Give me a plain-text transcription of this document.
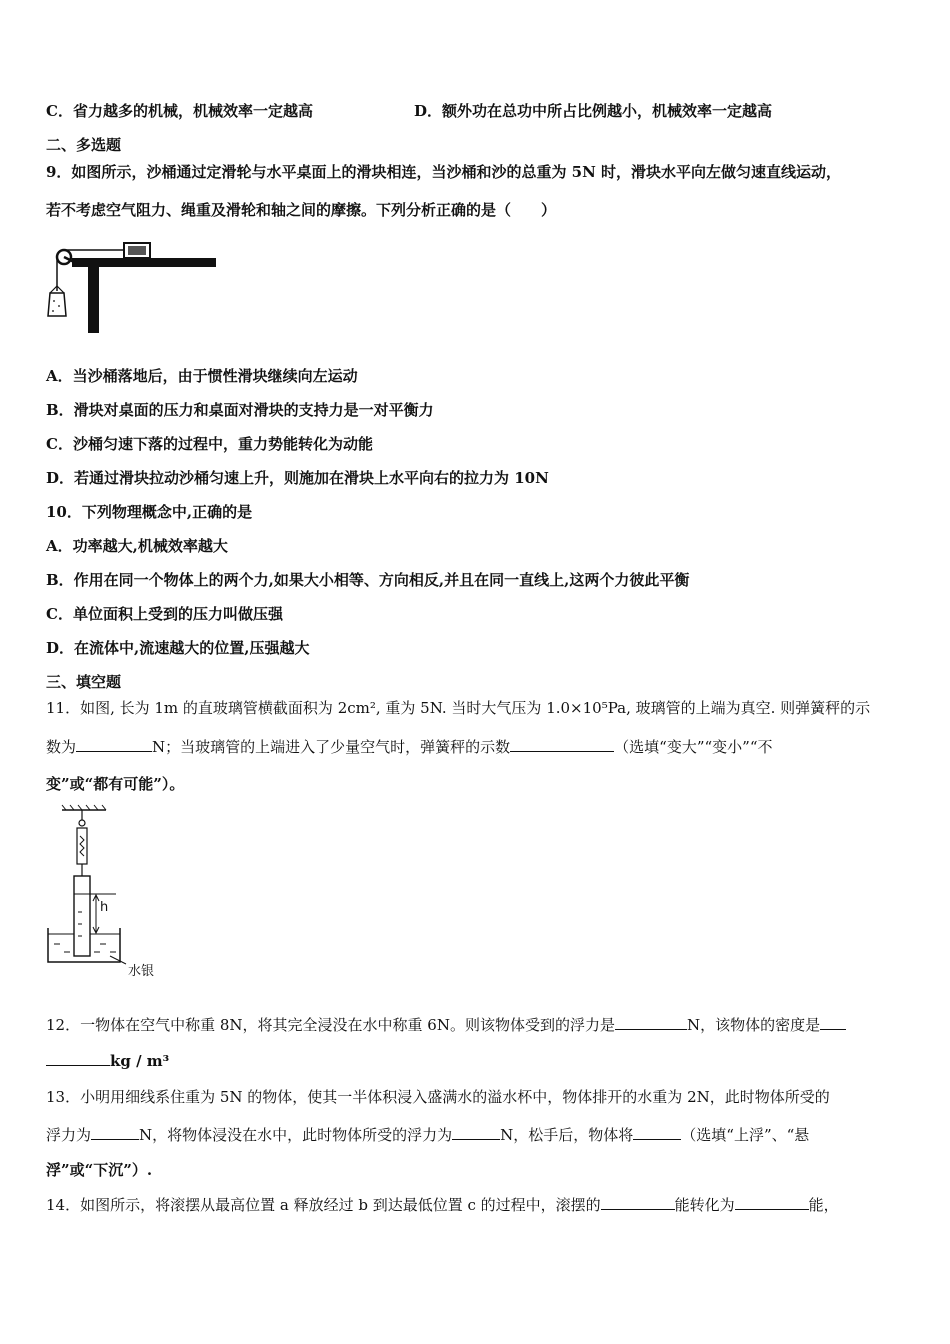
C．省力越多的机械，机械效率一定越高	D．额外功在总功中所占比例越小，机械效率一定越高
二、多选题
9．如图所示，沙桶通过定滑轮与水平桌面上的滑块相连，当沙桶和沙的总重为 5N 时，滑块水平向左做匀速直线运动，
若不考虑空气阻力、绳重及滑轮和轴之间的摩擦。下列分析正确的是（　　）
A．当沙桶落地后，由于惯性滑块继续向左运动
B．滑块对桌面的压力和桌面对滑块的支持力是一对平衡力
C．沙桶匀速下落的过程中，重力势能转化为动能
D．若通过滑块拉动沙桶匀速上升，则施加在滑块上水平向右的拉力为 10N
10．下列物理概念中,正确的是
A．功率越大,机械效率越大
B．作用在同一个物体上的两个力,如果大小相等、方向相反,并且在同一直线上,这两个力彼此平衡
C．单位面积上受到的压力叫做压强
D．在流体中,流速越大的位置,压强越大
三、填空题
11．如图, 长为 1m 的直玻璃管横截面积为 2cm², 重为 5N. 当时大气压为 1.0×10⁵Pa, 玻璃管的上端为真空. 则弹簧秤的示
数为	N；当玻璃管的上端进入了少量空气时，弹簧秤的示数	（选填“变大”“变小”“不
变”或“都有可能”）。
h
水银
12．一物体在空气中称重 8N，将其完全浸没在水中称重 6N。则该物体受到的浮力是	N，该物体的密度是
kg / m³
13．小明用细线系住重为 5N 的物体，使其一半体积浸入盛满水的溢水杯中，物体排开的水重为 2N，此时物体所受的
浮力为	N，将物体浸没在水中，此时物体所受的浮力为	N，松手后，物体将	（选填“上浮”、“悬
浮”或“下沉”）.
14．如图所示，将滚摆从最高位置 a 释放经过 b 到达最低位置 c 的过程中，滚摆的	能转化为	能，
